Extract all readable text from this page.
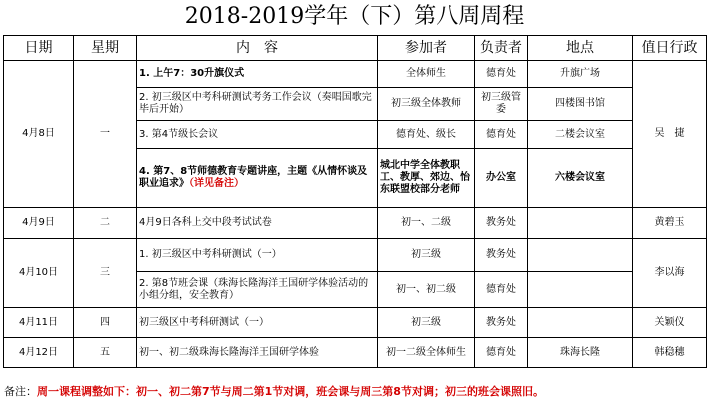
2018-2019学年（下）第八周周程
日期	星期	内　容	参加者	负责者	地点	值日行政
4月8日	一	1. 上午7：30升旗仪式	全体师生	德育处	升旗广场	吴　捷
		2. 初三级区中考科研测试考务工作会议（奏唱国歌完毕后开始）	初三级全体教师	初三级管委	四楼图书馆	
		3. 第4节级长会议	德育处、级长	德育处	二楼会议室	
		4. 第7、8节师德教育专题讲座，主题《从情怀谈及职业追求》（详见备注）	城北中学全体教职工、教厚、郊边、怡东联盟校部分老师	办公室	六楼会议室	
4月9日	二	4月9日各科上交中段考试试卷	初一、二级	教务处		黄碧玉
4月10日	三	1. 初三级区中考科研测试（一）	初三级	教务处		李以海
		2. 第8节班会课（珠海长隆海洋王国研学体验活动的小组分组，安全教育）	初一、初二级	德育处		
4月11日	四	初三级区中考科研测试（一）	初三级	教务处		关颖仪
4月12日	五	初一、初二级珠海长隆海洋王国研学体验	初一二级全体师生	德育处	珠海长隆	韩稳穗
备注：周一课程调整如下：初一、初二第7节与周二第1节对调，班会课与周三第8节对调；初三的班会课照旧。
